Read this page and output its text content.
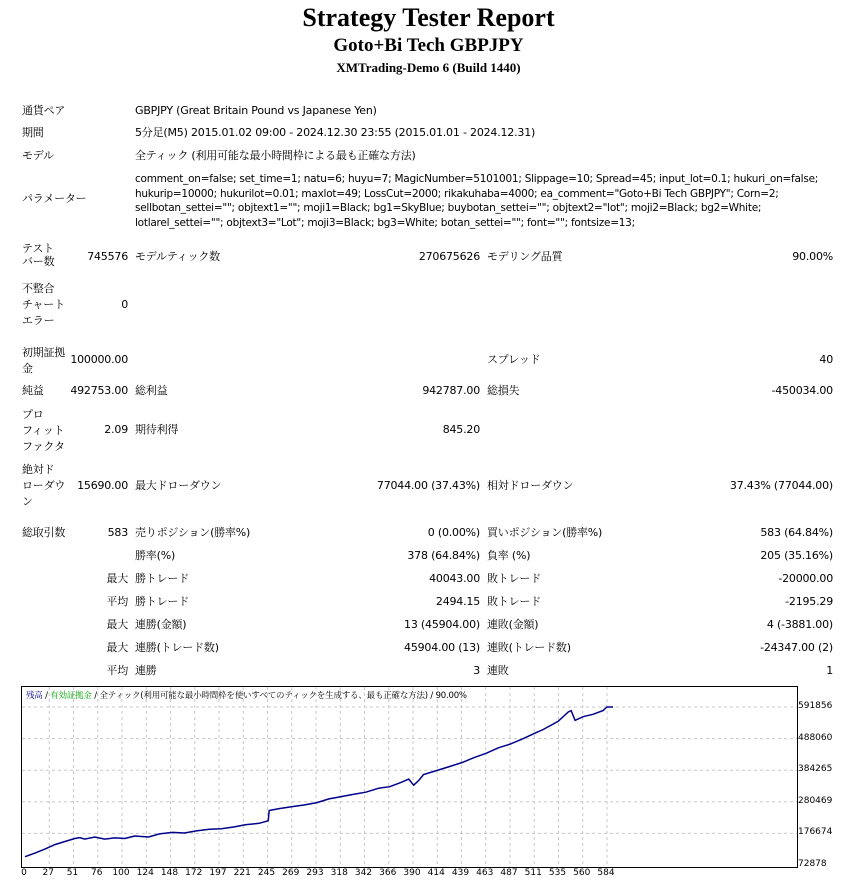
Strategy Tester Report
Goto+Bi Tech GBPJPY
XMTrading-Demo 6 (Build 1440)
通貨ペア	GBPJPY (Great Britain Pound vs Japanese Yen)
期間	5分足(M5) 2015.01.02 09:00 - 2024.12.30 23:55 (2015.01.01 - 2024.12.31)
モデル	全ティック (利用可能な最小時間枠による最も正確な方法)
パラメーター
comment_on=false; set_time=1; natu=6; huyu=7; MagicNumber=5101001; Slippage=10; Spread=45; input_lot=0.1; hukuri_on=false; hukurip=10000; hukurilot=0.01; maxlot=49; LossCut=2000; rikakuhaba=4000; ea_comment="Goto+Bi Tech GBPJPY"; Corn=2; sellbotan_settei=""; objtext1=""; moji1=Black; bg1=SkyBlue; buybotan_settei=""; objtext2="lot"; moji2=Black; bg2=White; lotlarel_settei=""; objtext3="Lot"; moji3=Black; bg3=White; botan_settei=""; font=""; fontsize=13;
テスト
バー数	745576 モデルティック数	270675626 モデリング品質	90.00%
不整合
チャート
エラー
0
初期証拠
金
100000.00	スプレッド	40
純益 492753.00 総利益	942787.00 総損失	-450034.00
プロ
フィット
ファクタ
2.09 期待利得	845.20
絶対ド
ローダウ
ン
15690.00 最大ドローダウン	77044.00 (37.43%) 相対ドローダウン	37.43% (77044.00)
総取引数	583 売りポジション(勝率%)	0 (0.00%) 買いポジション(勝率%)	583 (64.84%)
勝率(%)	378 (64.84%) 負率 (%)	205 (35.16%)
最大 勝トレード	40043.00 敗トレード	-20000.00
平均 勝トレード	2494.15 敗トレード	-2195.29
最大 連勝(金額)	13 (45904.00) 連敗(金額)	4 (-3881.00)
最大 連勝(トレード数)	45904.00 (13) 連敗(トレード数)	-24347.00 (2)
平均 連勝	3 連敗	1
残高 / 有効証拠金 / 全ティック(利用可能な最小時間枠を使いすべてのティックを生成する、最も正確な方法) / 90.00%
591856
488060
384265
280469
176674
72878
0 27 51 76 100 124 148 172 197 221 245 269 293 318 342 366 390 414 439 463 487 511 535 560 584
